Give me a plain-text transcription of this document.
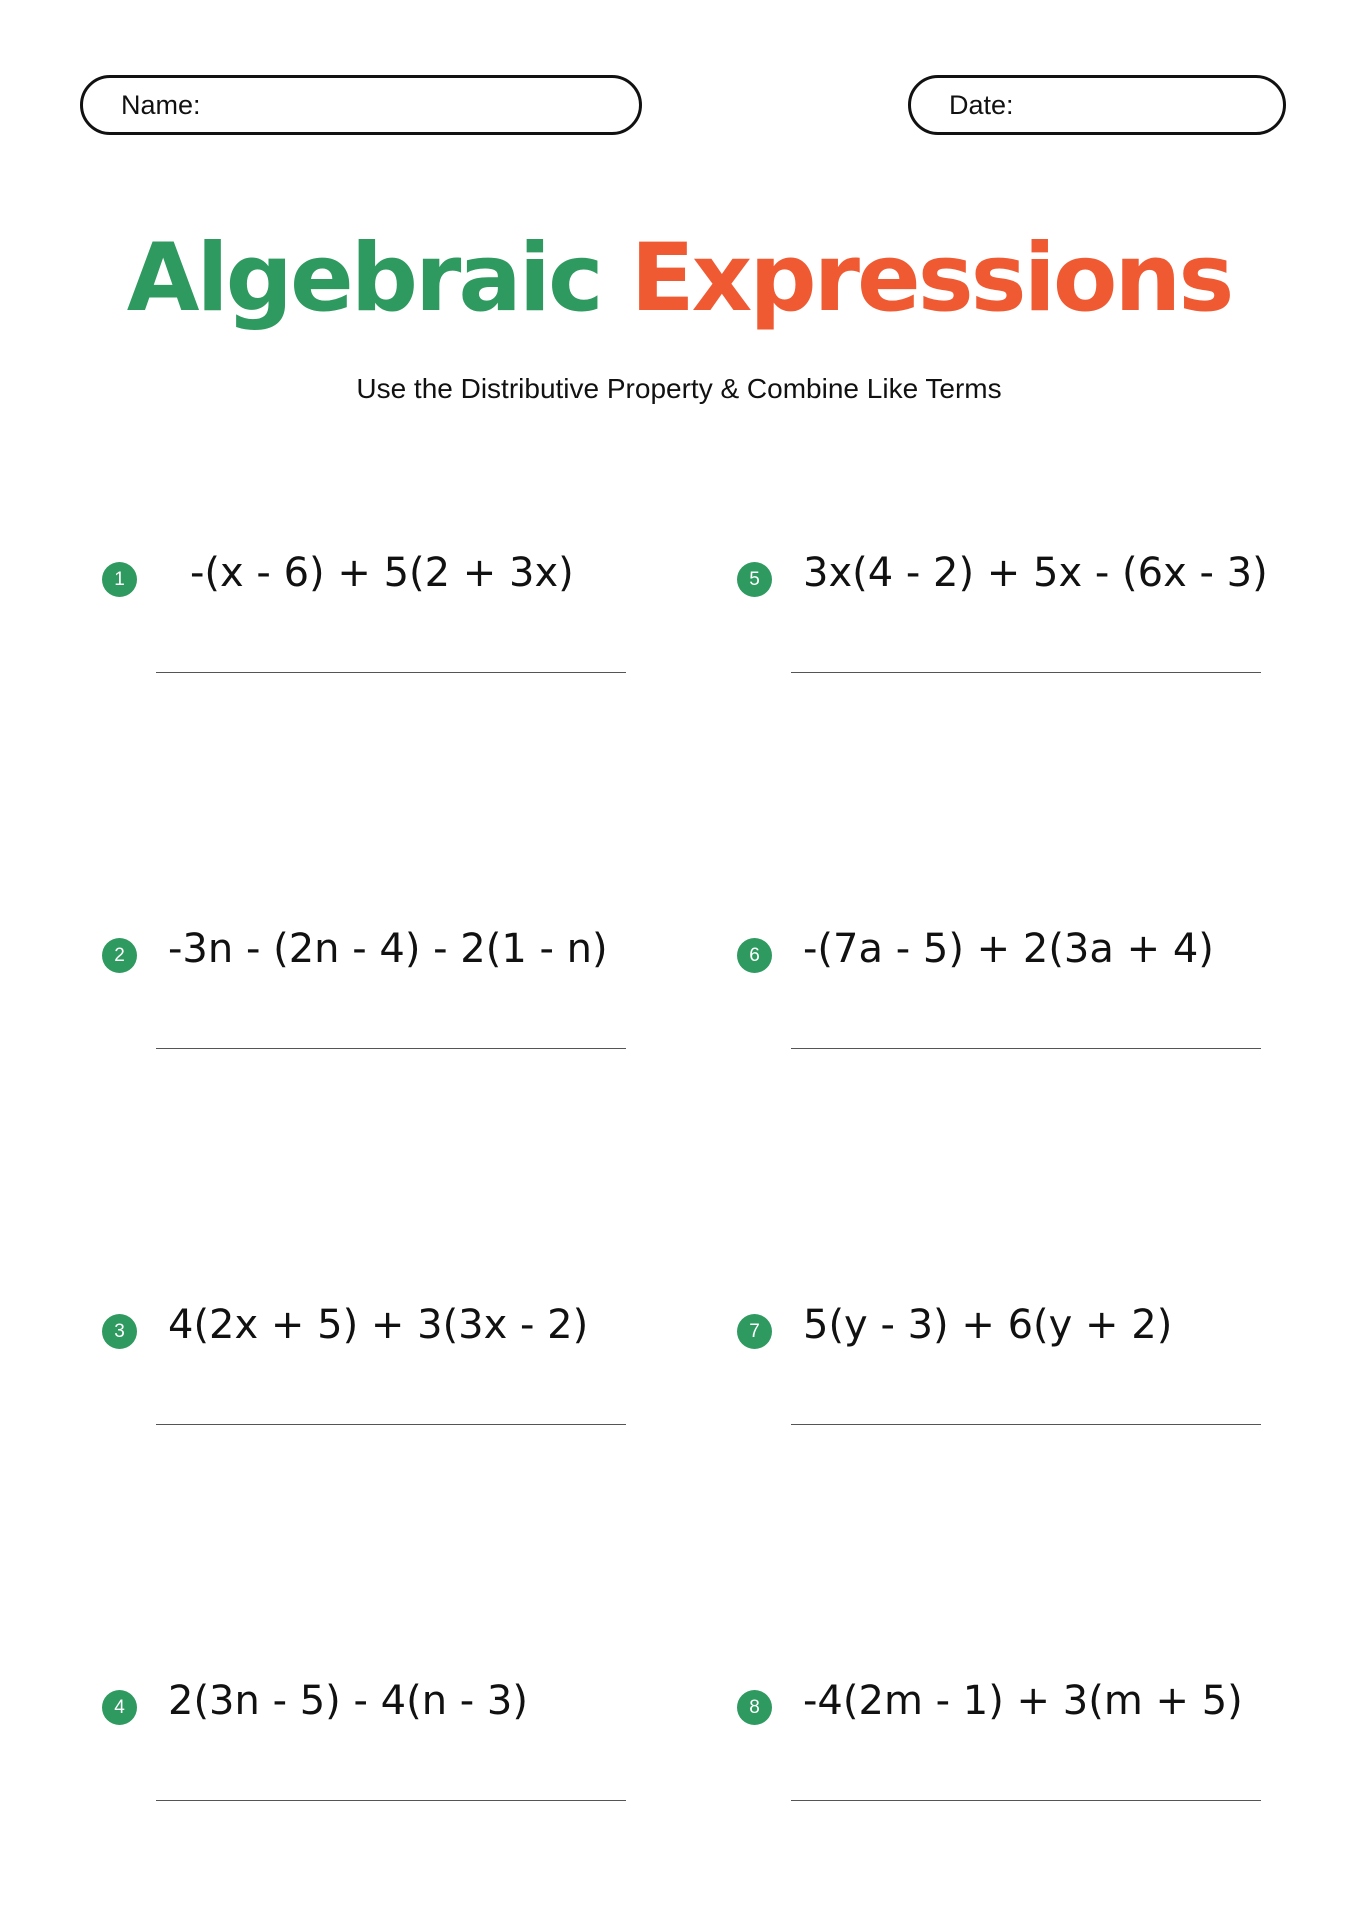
Name:	Date:
Algebraic Expressions
Use the Distributive Property & Combine Like Terms
1	-(x - 6) + 5(2 + 3x)
2	-3n - (2n - 4) - 2(1 - n)
3	4(2x + 5) + 3(3x - 2)
4	2(3n - 5) - 4(n - 3)
5	3x(4 - 2) + 5x - (6x - 3)
6	-(7a - 5) + 2(3a + 4)
7	5(y - 3) + 6(y + 2)
8	-4(2m - 1) + 3(m + 5)
